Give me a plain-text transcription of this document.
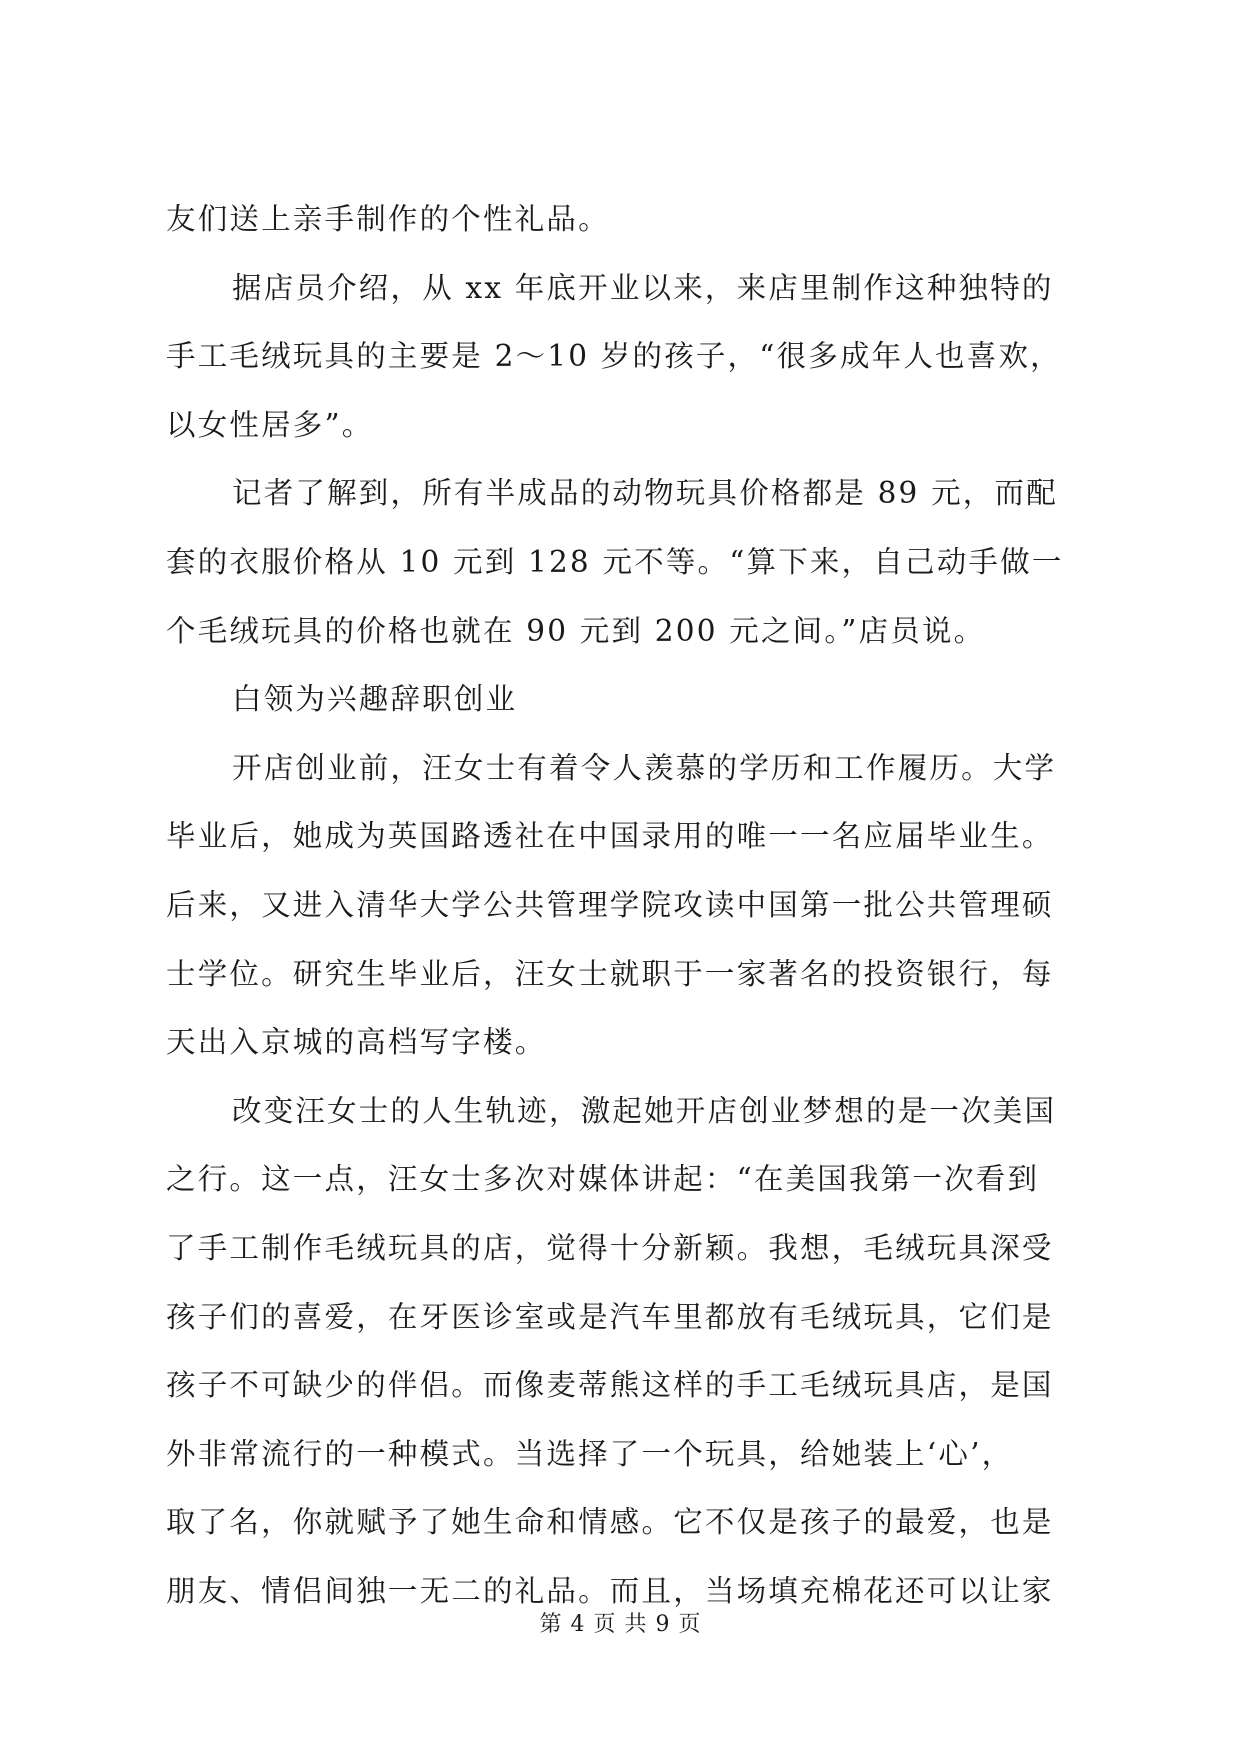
友们送上亲手制作的个性礼品。
据店员介绍，从 xx 年底开业以来，来店里制作这种独特的
手工毛绒玩具的主要是 2～10 岁的孩子，“很多成年人也喜欢，
以女性居多”。
记者了解到，所有半成品的动物玩具价格都是 89 元，而配
套的衣服价格从 10 元到 128 元不等。“算下来，自己动手做一
个毛绒玩具的价格也就在 90 元到 200 元之间。”店员说。
白领为兴趣辞职创业
开店创业前，汪女士有着令人羡慕的学历和工作履历。大学
毕业后，她成为英国路透社在中国录用的唯一一名应届毕业生。
后来，又进入清华大学公共管理学院攻读中国第一批公共管理硕
士学位。研究生毕业后，汪女士就职于一家著名的投资银行，每
天出入京城的高档写字楼。
改变汪女士的人生轨迹，激起她开店创业梦想的是一次美国
之行。这一点，汪女士多次对媒体讲起：“在美国我第一次看到
了手工制作毛绒玩具的店，觉得十分新颖。我想，毛绒玩具深受
孩子们的喜爱，在牙医诊室或是汽车里都放有毛绒玩具，它们是
孩子不可缺少的伴侣。而像麦蒂熊这样的手工毛绒玩具店，是国
外非常流行的一种模式。当选择了一个玩具，给她装上‘心’，
取了名，你就赋予了她生命和情感。它不仅是孩子的最爱，也是
朋友、情侣间独一无二的礼品。而且，当场填充棉花还可以让家
第 4 页 共 9 页
